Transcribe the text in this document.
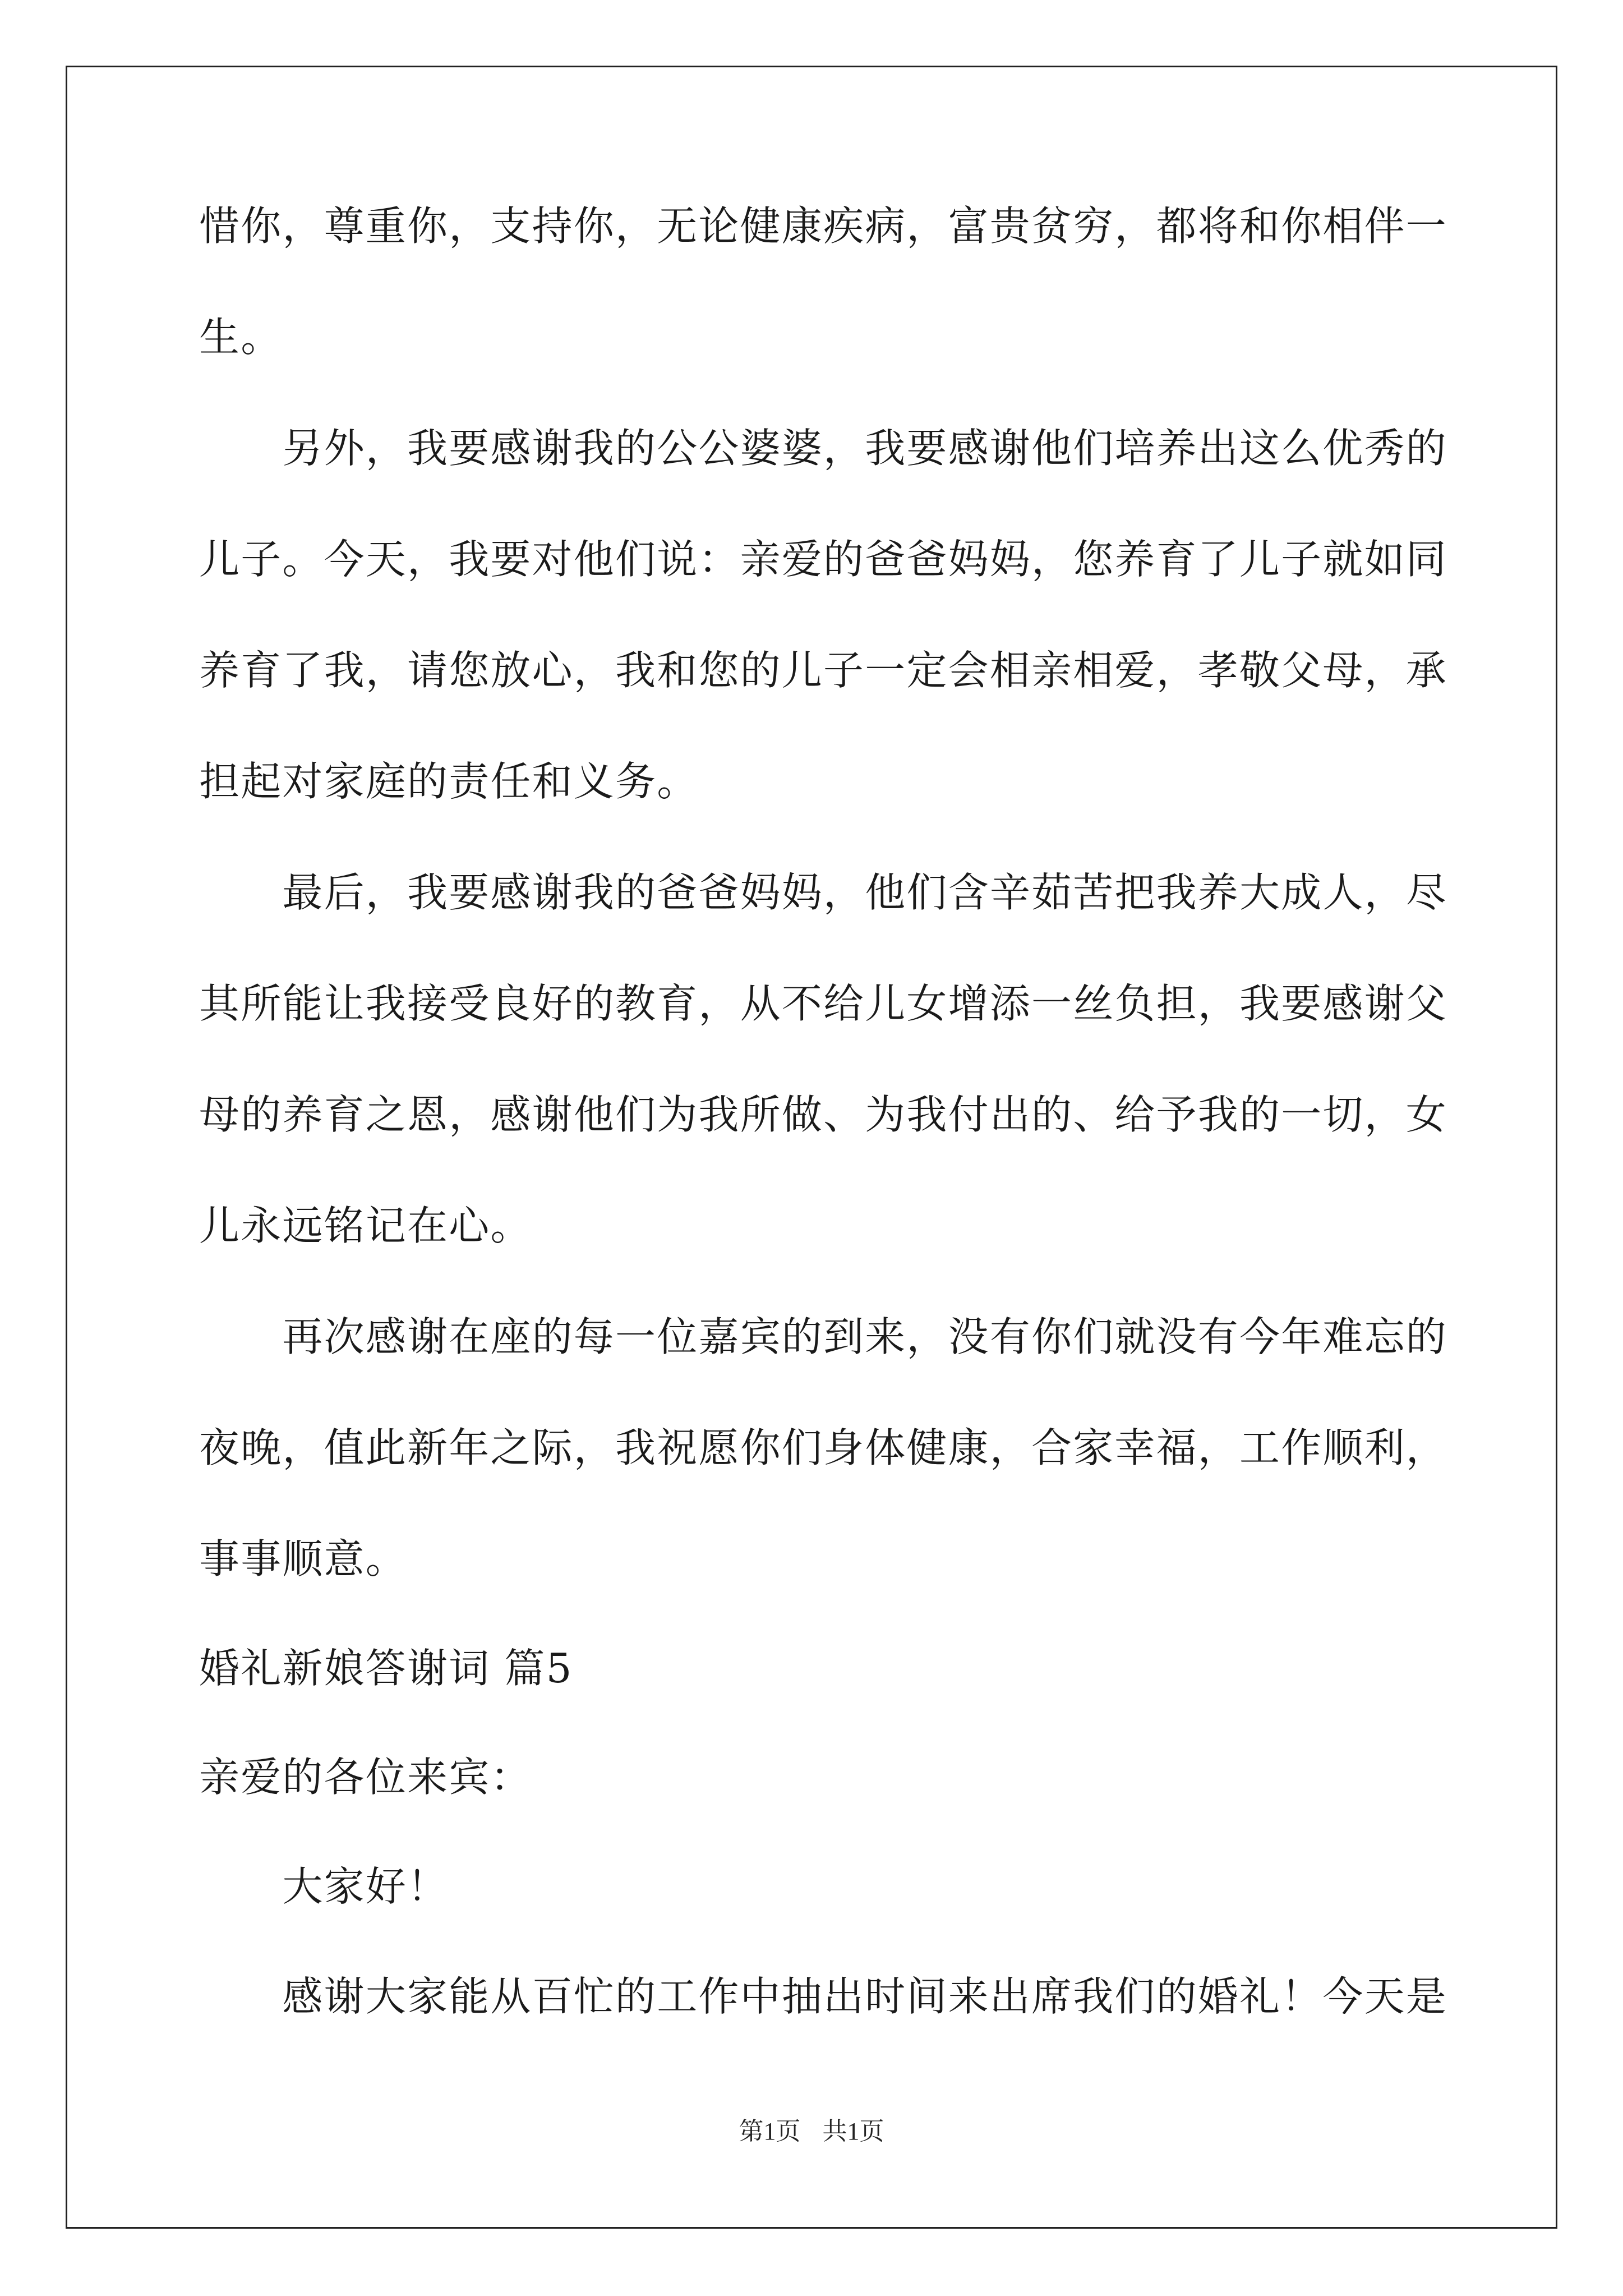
惜你，尊重你，支持你，无论健康疾病，富贵贫穷，都将和你相伴一
生。
　　另外，我要感谢我的公公婆婆，我要感谢他们培养出这么优秀的
儿子。今天，我要对他们说：亲爱的爸爸妈妈，您养育了儿子就如同
养育了我，请您放心，我和您的儿子一定会相亲相爱，孝敬父母，承
担起对家庭的责任和义务。
　　最后，我要感谢我的爸爸妈妈，他们含辛茹苦把我养大成人，尽
其所能让我接受良好的教育，从不给儿女增添一丝负担，我要感谢父
母的养育之恩，感谢他们为我所做、为我付出的、给予我的一切，女
儿永远铭记在心。
　　再次感谢在座的每一位嘉宾的到来，没有你们就没有今年难忘的
夜晚，值此新年之际，我祝愿你们身体健康，合家幸福，工作顺利，
事事顺意。
婚礼新娘答谢词 篇5
亲爱的各位来宾：
　　大家好！
　　感谢大家能从百忙的工作中抽出时间来出席我们的婚礼！今天是
第1页 共1页
